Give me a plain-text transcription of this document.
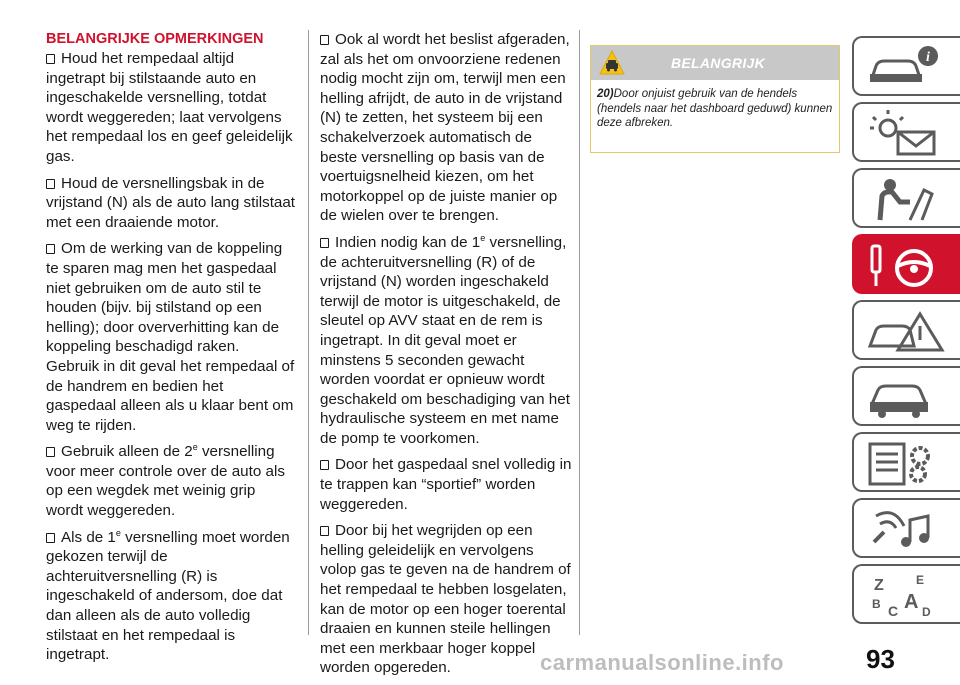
BELANGRIJKE OPMERKINGEN

Houd het rempedaal altijd ingetrapt bij stilstaande auto en ingeschakelde versnelling, totdat wordt weggereden; laat vervolgens het rempedaal los en geef geleidelijk gas.

Houd de versnellingsbak in de vrijstand (N) als de auto lang stilstaat met een draaiende motor.

Om de werking van de koppeling te sparen mag men het gaspedaal niet gebruiken om de auto stil te houden (bijv. bij stilstand op een helling); door oververhitting kan de koppeling beschadigd raken. Gebruik in dit geval het rempedaal of de handrem en bedien het gaspedaal alleen als u klaar bent om weg te rijden.

Gebruik alleen de 2e versnelling voor meer controle over de auto als op een wegdek met weinig grip wordt weggereden.

Als de 1e versnelling moet worden gekozen terwijl de achteruitversnelling (R) is ingeschakeld of andersom, doe dat dan alleen als de auto volledig stilstaat en het rempedaal is ingetrapt.

Ook al wordt het beslist afgeraden, zal als het om onvoorziene redenen nodig mocht zijn om, terwijl men een helling afrijdt, de auto in de vrijstand (N) te zetten, het systeem bij een schakelverzoek automatisch de beste versnelling op basis van de voertuigsnelheid kiezen, om het motorkoppel op de juiste manier op de wielen over te brengen.

Indien nodig kan de 1e versnelling, de achteruitversnelling (R) of de vrijstand (N) worden ingeschakeld terwijl de motor is uitgeschakeld, de sleutel op AVV staat en de rem is ingetrapt. In dit geval moet er minstens 5 seconden gewacht worden voordat er opnieuw wordt geschakeld om beschadiging van het hydraulische systeem en met name de pomp te voorkomen.

Door het gaspedaal snel volledig in te trappen kan “sportief” worden weggereden.

Door bij het wegrijden op een helling geleidelijk en vervolgens volop gas te geven na de handrem of het rempedaal te hebben losgelaten, kan de motor op een hoger toerental draaien en kunnen steile hellingen met een merkbaar hoger koppel worden opgereden.

BELANGRIJK
20)Door onjuist gebruik van de hendels (hendels naar het dashboard geduwd) kunnen deze afbreken.
i
Z	E
B A
C D
93
carmanualsonline.info
